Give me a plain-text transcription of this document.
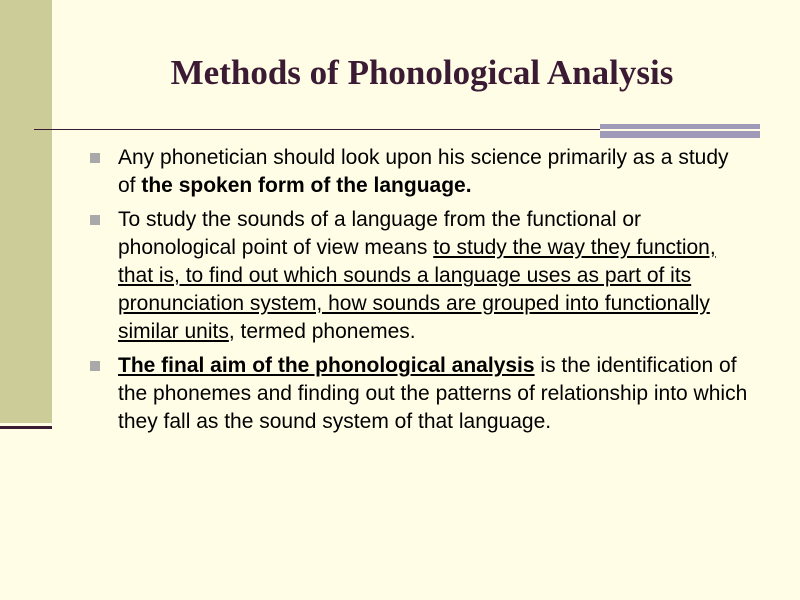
Methods of Phonological Analysis
Any phonetician should look upon his science primarily as a study of the spoken form of the language.
To study the sounds of a language from the functional or phonological point of view means to study the way they function, that is, to find out which sounds a language uses as part of its pronunciation system, how sounds are grouped into functionally similar units, termed phonemes.
The final aim of the phonological analysis is the identification of the phonemes and finding out the patterns of relationship into which they fall as the sound system of that language.
